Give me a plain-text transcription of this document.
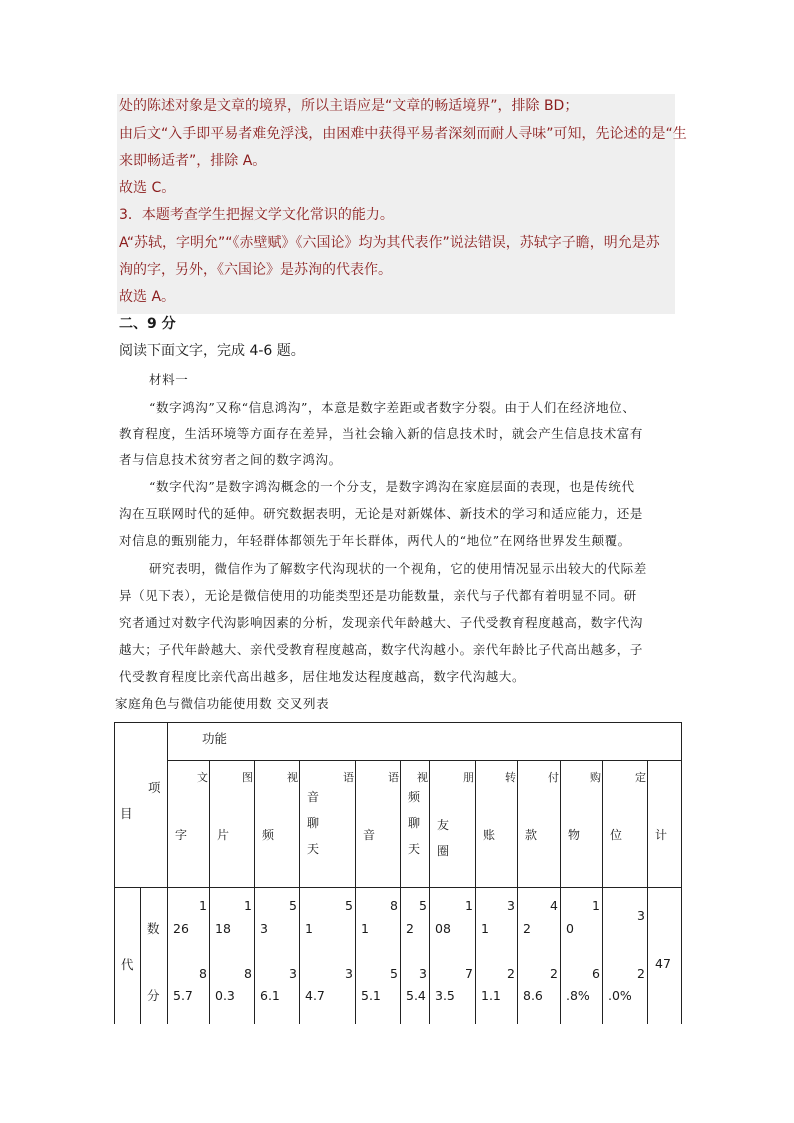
处的陈述对象是文章的境界，所以主语应是“文章的畅适境界”，排除 BD；
由后文“入手即平易者难免浮浅，由困难中获得平易者深刻而耐人寻味”可知，先论述的是“生
来即畅适者”，排除 A。
故选 C。
3．本题考查学生把握文学文化常识的能力。
A“苏轼，字明允”“《赤壁赋》《六国论》均为其代表作”说法错误，苏轼字子瞻，明允是苏
洵的字，另外，《六国论》是苏洵的代表作。
故选 A。
二、9 分
阅读下面文字，完成 4-6 题。
材料一
“数字鸿沟”又称“信息鸿沟”，本意是数字差距或者数字分裂。由于人们在经济地位、
教育程度，生活环境等方面存在差异，当社会输入新的信息技术时，就会产生信息技术富有
者与信息技术贫穷者之间的数字鸿沟。
“数字代沟”是数字鸿沟概念的一个分支，是数字鸿沟在家庭层面的表现，也是传统代
沟在互联网时代的延伸。研究数据表明，无论是对新媒体、新技术的学习和适应能力，还是
对信息的甄别能力，年轻群体都领先于年长群体，两代人的“地位”在网络世界发生颠覆。
研究表明，微信作为了解数字代沟现状的一个视角，它的使用情况显示出较大的代际差
异（见下表），无论是微信使用的功能类型还是功能数量，亲代与子代都有着明显不同。研
究者通过对数字代沟影响因素的分析，发现亲代年龄越大、子代受教育程度越高，数字代沟
越大；子代年龄越大、亲代受教育程度越高，数字代沟越小。亲代年龄比子代高出越多，子
代受教育程度比亲代高出越多，居住地发达程度越高，数字代沟越大。
家庭角色与微信功能使用数 交叉列表
功能
项
目
代
数
分
文
字
1
26
8
5.7
图
片
1
18
8
0.3
视
频
5
3
3
6.1
语
音
聊
天
5
1
3
4.7
语
音
8
1
5
5.1
视
频
聊
天
5
2
3
5.4
朋
友
圈
1
08
7
3.5
转
账
3
1
2
1.1
付
款
4
2
2
8.6
购
物
1
0
6
.8%
定
位
2
.0%
计
47
3
